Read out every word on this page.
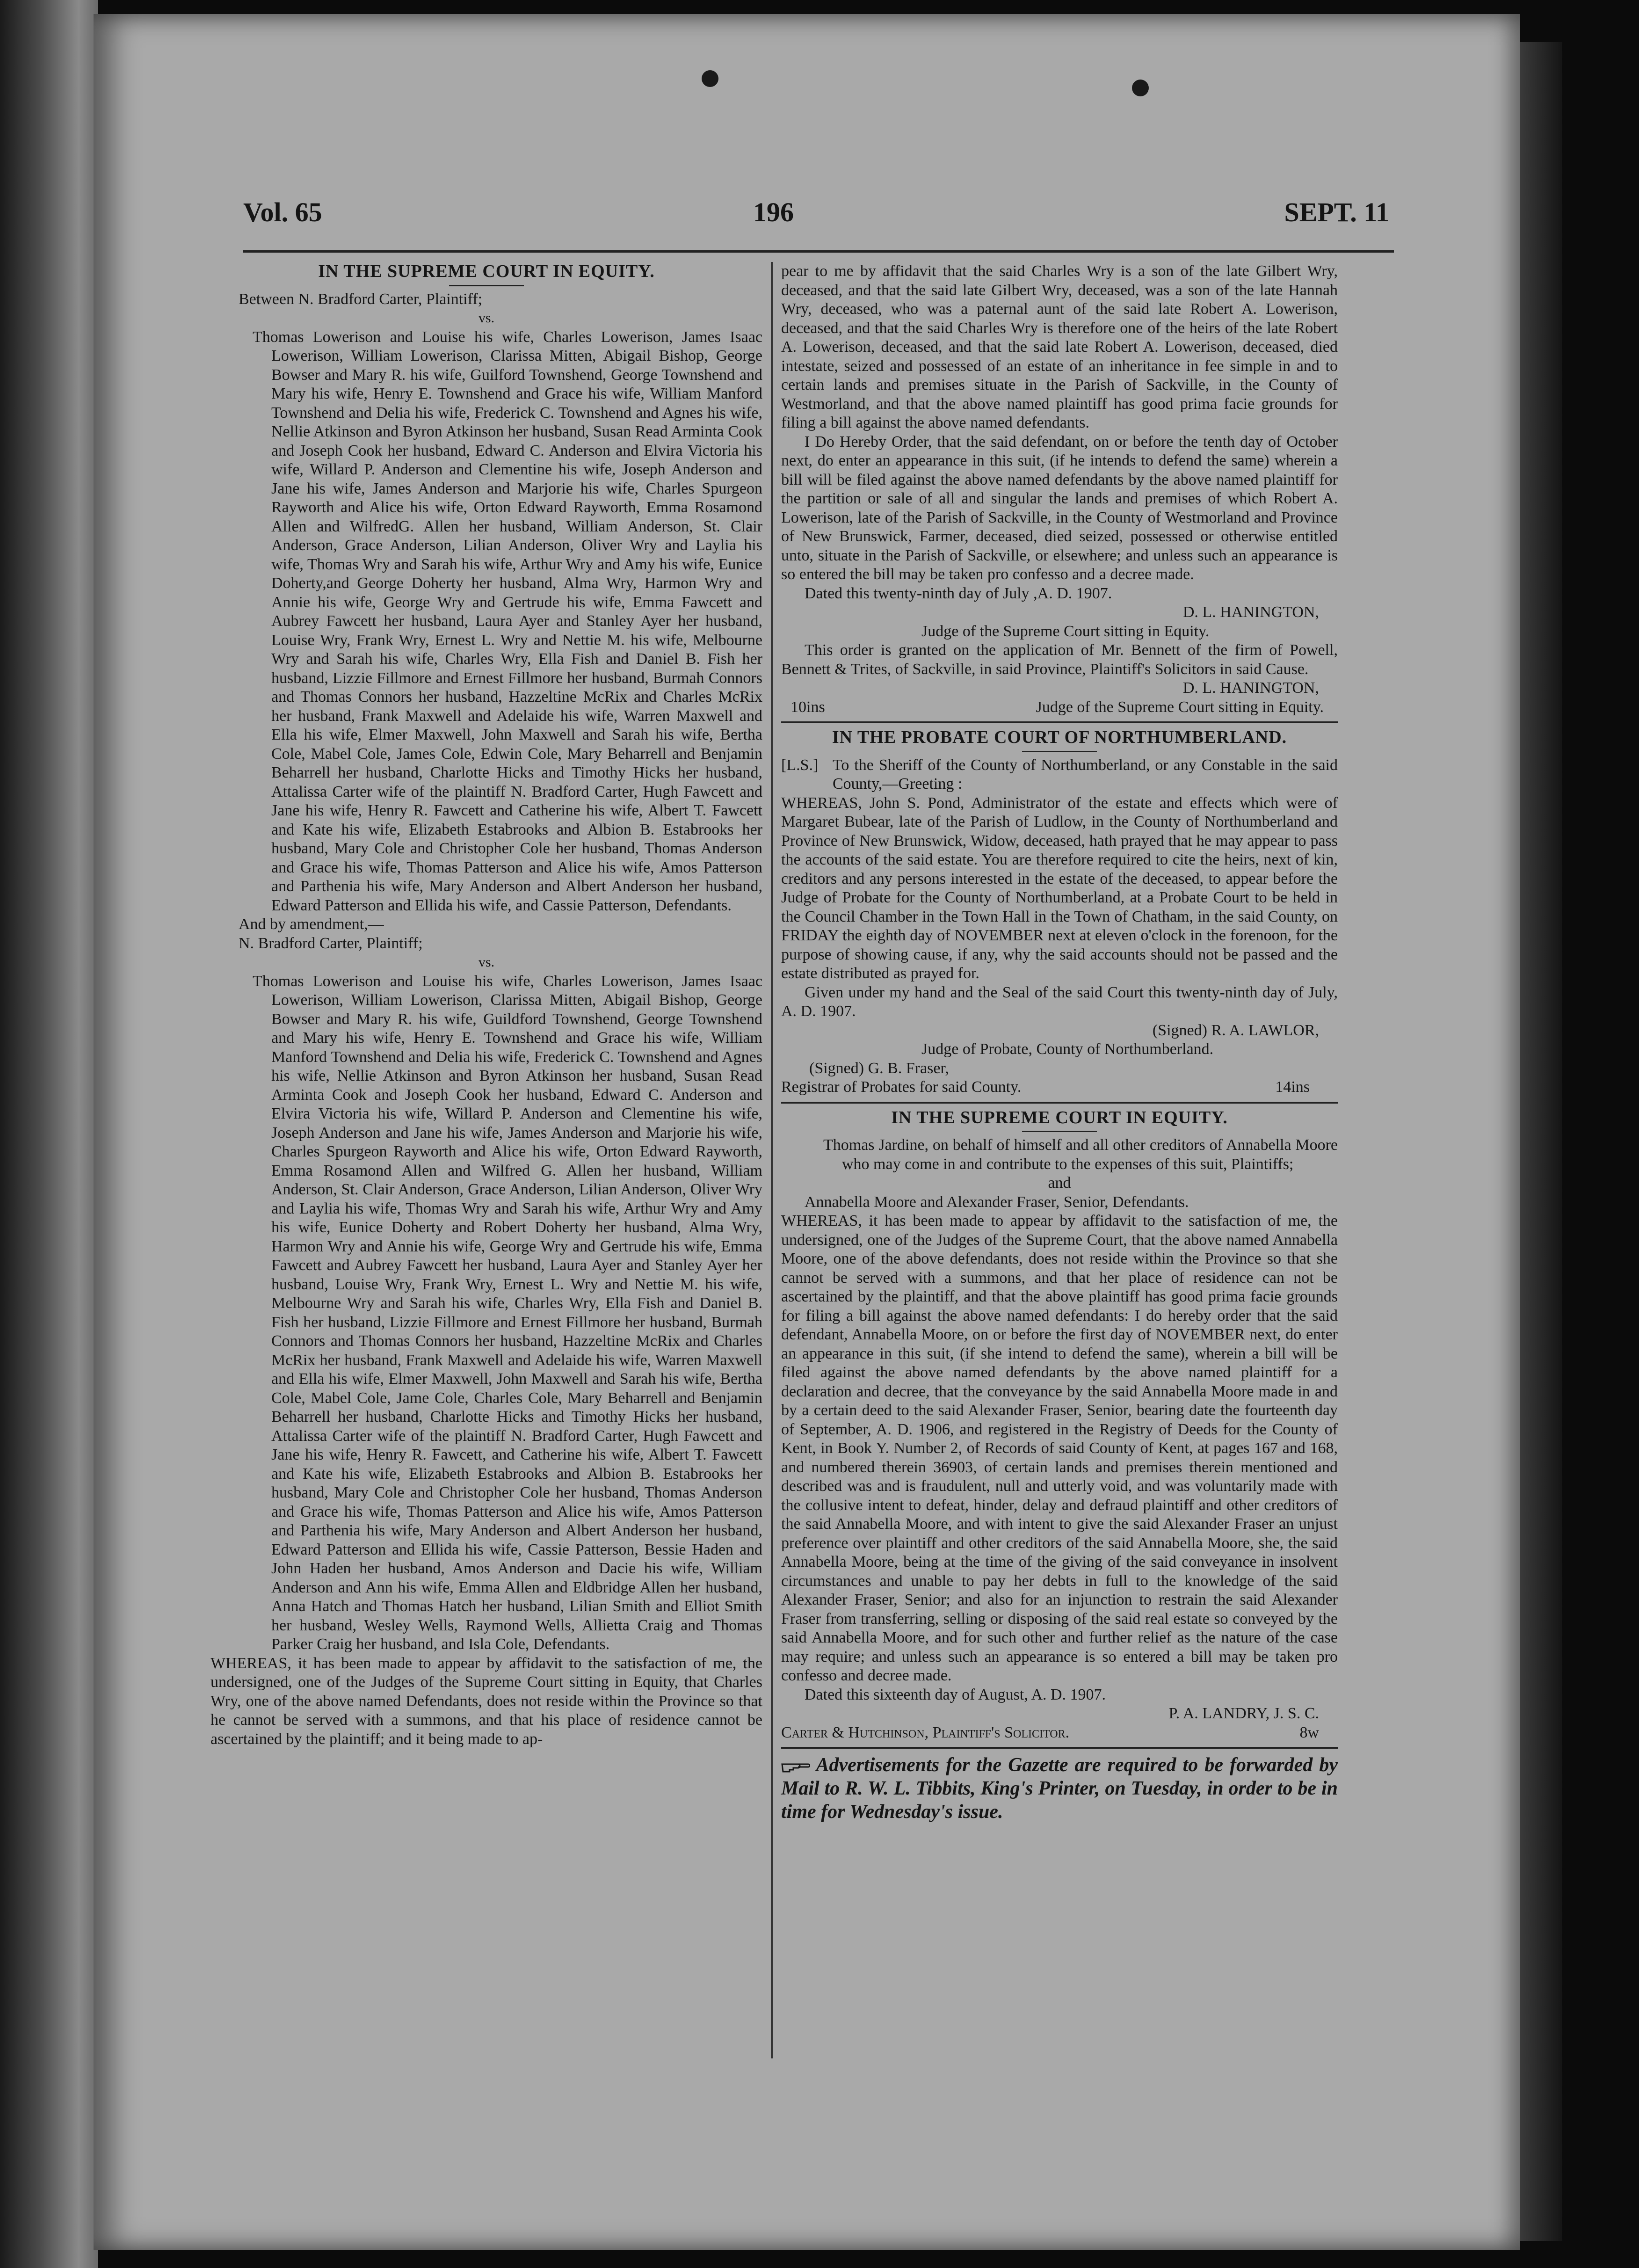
Vol. 65	196	SEPT. 11
IN THE SUPREME COURT IN EQUITY.
Between N. Bradford Carter, Plaintiff;
vs.
Thomas Lowerison and Louise his wife, Charles Lowerison, James Isaac Lowerison, William Lowerison, Clarissa Mitten, Abigail Bishop, George Bowser and Mary R. his wife, Guilford Townshend, George Townshend and Mary his wife, Henry E. Townshend and Grace his wife, William Manford Townshend and Delia his wife, Frederick C. Townshend and Agnes his wife, Nellie Atkinson and Byron Atkinson her husband, Susan Read Arminta Cook and Joseph Cook her husband, Edward C. Anderson and Elvira Victoria his wife, Willard P. Anderson and Clementine his wife, Joseph Anderson and Jane his wife, James Anderson and Marjorie his wife, Charles Spurgeon Rayworth and Alice his wife, Orton Edward Rayworth, Emma Rosamond Allen and WilfredG. Allen her husband, William Anderson, St. Clair Anderson, Grace Anderson, Lilian Anderson, Oliver Wry and Laylia his wife, Thomas Wry and Sarah his wife, Arthur Wry and Amy his wife, Eunice Doherty,and George Doherty her husband, Alma Wry, Harmon Wry and Annie his wife, George Wry and Gertrude his wife, Emma Fawcett and Aubrey Fawcett her husband, Laura Ayer and Stanley Ayer her husband, Louise Wry, Frank Wry, Ernest L. Wry and Nettie M. his wife, Melbourne Wry and Sarah his wife, Charles Wry, Ella Fish and Daniel B. Fish her husband, Lizzie Fillmore and Ernest Fillmore her husband, Burmah Connors and Thomas Connors her husband, Hazzeltine McRix and Charles McRix her husband, Frank Maxwell and Adelaide his wife, Warren Maxwell and Ella his wife, Elmer Maxwell, John Maxwell and Sarah his wife, Bertha Cole, Mabel Cole, James Cole, Edwin Cole, Mary Beharrell and Benjamin Beharrell her husband, Charlotte Hicks and Timothy Hicks her husband, Attalissa Carter wife of the plaintiff N. Bradford Carter, Hugh Fawcett and Jane his wife, Henry R. Fawcett and Catherine his wife, Albert T. Fawcett and Kate his wife, Elizabeth Estabrooks and Albion B. Estabrooks her husband, Mary Cole and Christopher Cole her husband, Thomas Anderson and Grace his wife, Thomas Patterson and Alice his wife, Amos Patterson and Parthenia his wife, Mary Anderson and Albert Anderson her husband, Edward Patterson and Ellida his wife, and Cassie Patterson, Defendants.
And by amendment,—
N. Bradford Carter, Plaintiff;
vs.
Thomas Lowerison and Louise his wife, Charles Lowerison, James Isaac Lowerison, William Lowerison, Clarissa Mitten, Abigail Bishop, George Bowser and Mary R. his wife, Guildford Townshend, George Townshend and Mary his wife, Henry E. Townshend and Grace his wife, William Manford Townshend and Delia his wife, Frederick C. Townshend and Agnes his wife, Nellie Atkinson and Byron Atkinson her husband, Susan Read Arminta Cook and Joseph Cook her husband, Edward C. Anderson and Elvira Victoria his wife, Willard P. Anderson and Clementine his wife, Joseph Anderson and Jane his wife, James Anderson and Marjorie his wife, Charles Spurgeon Rayworth and Alice his wife, Orton Edward Rayworth, Emma Rosamond Allen and Wilfred G. Allen her husband, William Anderson, St. Clair Anderson, Grace Anderson, Lilian Anderson, Oliver Wry and Laylia his wife, Thomas Wry and Sarah his wife, Arthur Wry and Amy his wife, Eunice Doherty and Robert Doherty her husband, Alma Wry, Harmon Wry and Annie his wife, George Wry and Gertrude his wife, Emma Fawcett and Aubrey Fawcett her husband, Laura Ayer and Stanley Ayer her husband, Louise Wry, Frank Wry, Ernest L. Wry and Nettie M. his wife, Melbourne Wry and Sarah his wife, Charles Wry, Ella Fish and Daniel B. Fish her husband, Lizzie Fillmore and Ernest Fillmore her husband, Burmah Connors and Thomas Connors her husband, Hazzeltine McRix and Charles McRix her husband, Frank Maxwell and Adelaide his wife, Warren Maxwell and Ella his wife, Elmer Maxwell, John Maxwell and Sarah his wife, Bertha Cole, Mabel Cole, Jame Cole, Charles Cole, Mary Beharrell and Benjamin Beharrell her husband, Charlotte Hicks and Timothy Hicks her husband, Attalissa Carter wife of the plaintiff N. Bradford Carter, Hugh Fawcett and Jane his wife, Henry R. Fawcett, and Catherine his wife, Albert T. Fawcett and Kate his wife, Elizabeth Estabrooks and Albion B. Estabrooks her husband, Mary Cole and Christopher Cole her husband, Thomas Anderson and Grace his wife, Thomas Patterson and Alice his wife, Amos Patterson and Parthenia his wife, Mary Anderson and Albert Anderson her husband, Edward Patterson and Ellida his wife, Cassie Patterson, Bessie Haden and John Haden her husband, Amos Anderson and Dacie his wife, William Anderson and Ann his wife, Emma Allen and Eldbridge Allen her husband, Anna Hatch and Thomas Hatch her husband, Lilian Smith and Elliot Smith her husband, Wesley Wells, Raymond Wells, Allietta Craig and Thomas Parker Craig her husband, and Isla Cole, Defendants.
WHEREAS, it has been made to appear by affidavit to the satisfaction of me, the undersigned, one of the Judges of the Supreme Court sitting in Equity, that Charles Wry, one of the above named Defendants, does not reside within the Province so that he cannot be served with a summons, and that his place of residence cannot be ascertained by the plaintiff; and it being made to ap-
pear to me by affidavit that the said Charles Wry is a son of the late Gilbert Wry, deceased, and that the said late Gilbert Wry, deceased, was a son of the late Hannah Wry, deceased, who was a paternal aunt of the said late Robert A. Lowerison, deceased, and that the said Charles Wry is therefore one of the heirs of the late Robert A. Lowerison, deceased, and that the said late Robert A. Lowerison, deceased, died intestate, seized and possessed of an estate of an inheritance in fee simple in and to certain lands and premises situate in the Parish of Sackville, in the County of Westmorland, and that the above named plaintiff has good prima facie grounds for filing a bill against the above named defendants.
I Do Hereby Order, that the said defendant, on or before the tenth day of October next, do enter an appearance in this suit, (if he intends to defend the same) wherein a bill will be filed against the above named defendants by the above named plaintiff for the partition or sale of all and singular the lands and premises of which Robert A. Lowerison, late of the Parish of Sackville, in the County of Westmorland and Province of New Brunswick, Farmer, deceased, died seized, possessed or otherwise entitled unto, situate in the Parish of Sackville, or elsewhere; and unless such an appearance is so entered the bill may be taken pro confesso and a decree made.
Dated this twenty-ninth day of July ,A. D. 1907.
D. L. HANINGTON,
Judge of the Supreme Court sitting in Equity.
This order is granted on the application of Mr. Bennett of the firm of Powell, Bennett & Trites, of Sackville, in said Province, Plaintiff's Solicitors in said Cause.
D. L. HANINGTON,
10ins	Judge of the Supreme Court sitting in Equity.
IN THE PROBATE COURT OF NORTHUMBERLAND.
[L.S.] To the Sheriff of the County of Northumberland, or any Constable in the said County,—Greeting :
WHEREAS, John S. Pond, Administrator of the estate and effects which were of Margaret Bubear, late of the Parish of Ludlow, in the County of Northumberland and Province of New Brunswick, Widow, deceased, hath prayed that he may appear to pass the accounts of the said estate. You are therefore required to cite the heirs, next of kin, creditors and any persons interested in the estate of the deceased, to appear before the Judge of Probate for the County of Northumberland, at a Probate Court to be held in the Council Chamber in the Town Hall in the Town of Chatham, in the said County, on FRIDAY the eighth day of NOVEMBER next at eleven o'clock in the forenoon, for the purpose of showing cause, if any, why the said accounts should not be passed and the estate distributed as prayed for.
Given under my hand and the Seal of the said Court this twenty-ninth day of July, A. D. 1907.
(Signed) R. A. LAWLOR,
Judge of Probate, County of Northumberland.
(Signed) G. B. Fraser,
Registrar of Probates for said County.	14ins
IN THE SUPREME COURT IN EQUITY.
Thomas Jardine, on behalf of himself and all other creditors of Annabella Moore who may come in and contribute to the expenses of this suit, Plaintiffs;
and
Annabella Moore and Alexander Fraser, Senior, Defendants.
WHEREAS, it has been made to appear by affidavit to the satisfaction of me, the undersigned, one of the Judges of the Supreme Court, that the above named Annabella Moore, one of the above defendants, does not reside within the Province so that she cannot be served with a summons, and that her place of residence can not be ascertained by the plaintiff, and that the above plaintiff has good prima facie grounds for filing a bill against the above named defendants: I do hereby order that the said defendant, Annabella Moore, on or before the first day of NOVEMBER next, do enter an appearance in this suit, (if she intend to defend the same), wherein a bill will be filed against the above named defendants by the above named plaintiff for a declaration and decree, that the conveyance by the said Annabella Moore made in and by a certain deed to the said Alexander Fraser, Senior, bearing date the fourteenth day of September, A. D. 1906, and registered in the Registry of Deeds for the County of Kent, in Book Y. Number 2, of Records of said County of Kent, at pages 167 and 168, and numbered therein 36903, of certain lands and premises therein mentioned and described was and is fraudulent, null and utterly void, and was voluntarily made with the collusive intent to defeat, hinder, delay and defraud plaintiff and other creditors of the said Annabella Moore, and with intent to give the said Alexander Fraser an unjust preference over plaintiff and other creditors of the said Annabella Moore, she, the said Annabella Moore, being at the time of the giving of the said conveyance in insolvent circumstances and unable to pay her debts in full to the knowledge of the said Alexander Fraser, Senior; and also for an injunction to restrain the said Alexander Fraser from transferring, selling or disposing of the said real estate so conveyed by the said Annabella Moore, and for such other and further relief as the nature of the case may require; and unless such an appearance is so entered a bill may be taken pro confesso and decree made.
Dated this sixteenth day of August, A. D. 1907.
P. A. LANDRY, J. S. C.
Carter & Hutchinson, Plaintiff's Solicitor.	8w
Advertisements for the Gazette are required to be forwarded by Mail to R. W. L. Tibbits, King's Printer, on Tuesday, in order to be in time for Wednesday's issue.
